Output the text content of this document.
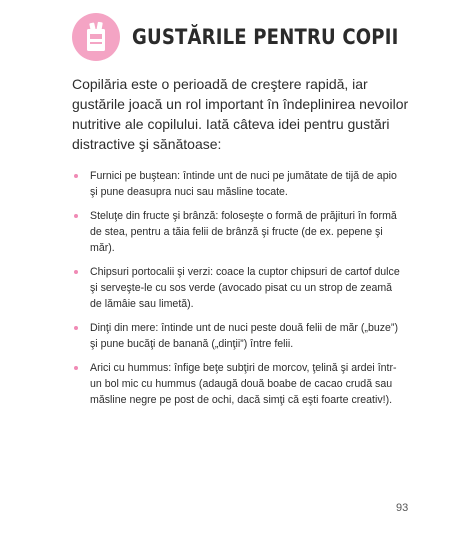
GUSTĂRILE PENTRU COPII

Copilăria este o perioadă de creştere rapidă, iar gustările joacă un rol important în îndeplinirea nevoilor nutritive ale copilului. Iată câteva idei pentru gustări distractive şi sănătoase:

Furnici pe buştean: întinde unt de nuci pe jumătate de tijă de apio şi pune deasupra nuci sau măsline tocate.
Steluţe din fructe şi brânză: foloseşte o formă de prăjituri în formă de stea, pentru a tăia felii de brânză şi fructe (de ex. pepene şi măr).
Chipsuri portocalii şi verzi: coace la cuptor chipsuri de cartof dulce şi serveşte-le cu sos verde (avocado pisat cu un strop de zeamă de lămâie sau limetă).
Dinţi din mere: întinde unt de nuci peste două felii de măr („buze”) şi pune bucăţi de banană („dinţii”) între felii.
Arici cu hummus: înfige beţe subţiri de morcov, ţelină şi ardei într-un bol mic cu hummus (adaugă două boabe de cacao crudă sau măsline negre pe post de ochi, dacă simţi că eşti foarte creativ!).
93
